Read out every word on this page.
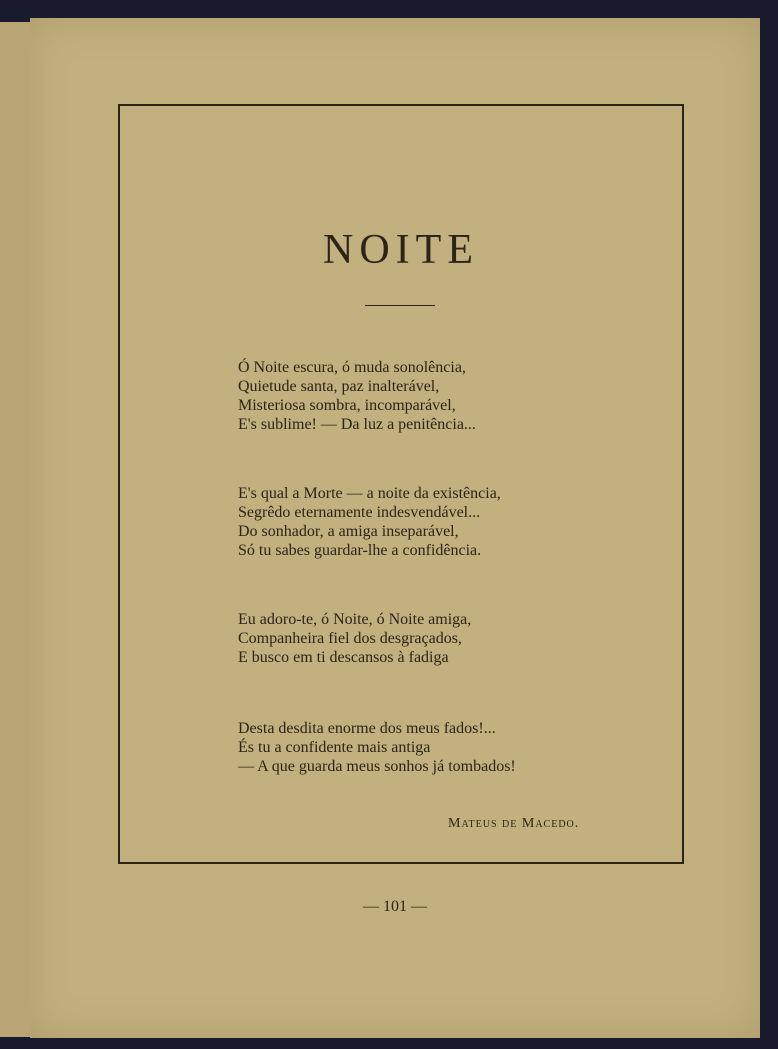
NOITE
Ó Noite escura, ó muda sonolência,
Quietude santa, paz inalterável,
Misteriosa sombra, incomparável,
E's sublime! — Da luz a penitência...
E's qual a Morte — a noite da existência,
Segrêdo eternamente indesvendável...
Do sonhador, a amiga inseparável,
Só tu sabes guardar-lhe a confidência.
Eu adoro-te, ó Noite, ó Noite amiga,
Companheira fiel dos desgraçados,
E busco em ti descansos à fadiga
Desta desdita enorme dos meus fados!...
És tu a confidente mais antiga
— A que guarda meus sonhos já tombados!
Mateus de Macedo.
— 101 —
